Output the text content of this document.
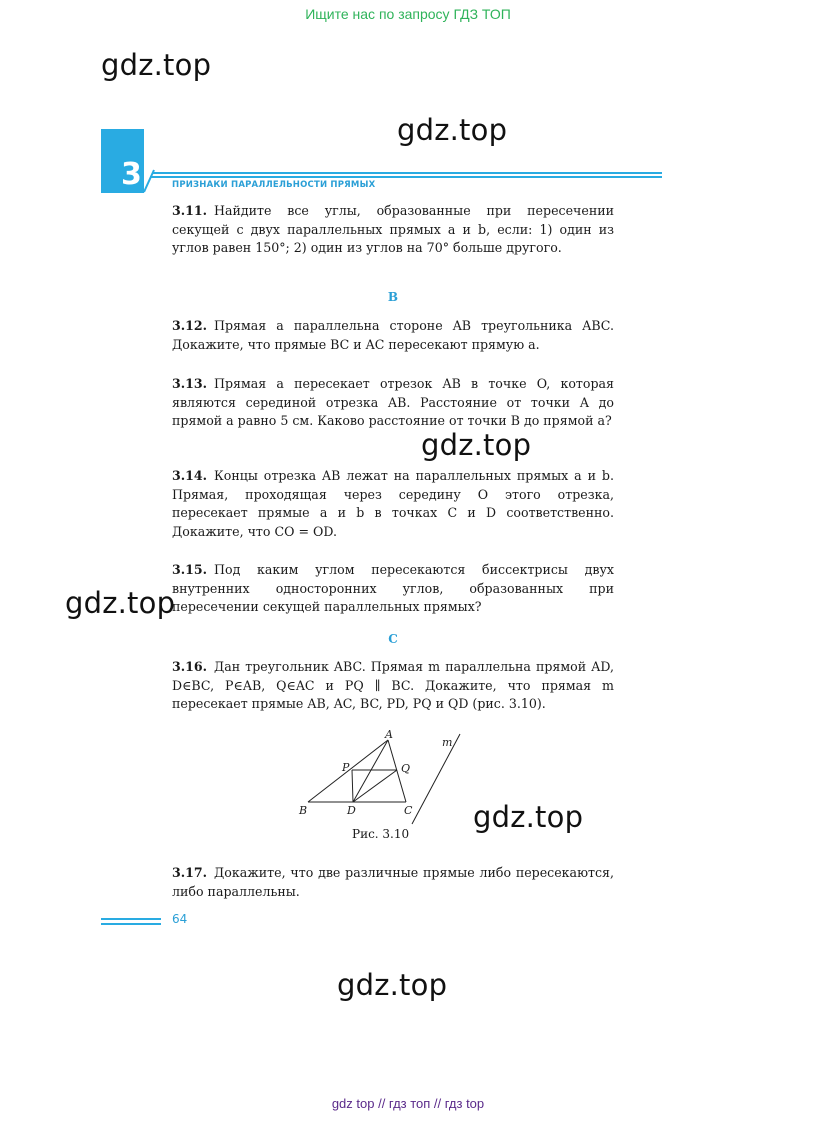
Ищите нас по запросу ГДЗ ТОП
gdz.top
gdz.top
gdz.top
gdz.top
gdz.top
gdz.top
3	ПРИЗНАКИ ПАРАЛЛЕЛЬНОСТИ ПРЯМЫХ
3.11. Найдите все углы, образованные при пересечении секущей c двух параллельных прямых a и b, если: 1) один из углов равен 150°; 2) один из углов на 70° больше другого.
B
3.12. Прямая a параллельна стороне AB треугольника ABC. Докажите, что прямые BC и AC пересекают прямую a.
3.13. Прямая a пересекает отрезок AB в точке O, которая являются серединой отрезка AB. Расстояние от точки A до прямой a равно 5 см. Каково расстояние от точки B до прямой a?
3.14. Концы отрезка AB лежат на параллельных прямых a и b. Прямая, проходящая через середину O этого отрезка, пересекает прямые a и b в точках C и D соответственно. Докажите, что CO = OD.
3.15. Под каким углом пересекаются биссектрисы двух внутренних односторонних углов, образованных при пересечении секущей параллельных прямых?
C
3.16. Дан треугольник ABC. Прямая m параллельна прямой AD, D∈BC, P∈AB, Q∈AC и PQ ∥ BC. Докажите, что прямая m пересекает прямые AB, AC, BC, PD, PQ и QD (рис. 3.10).
A
B	C
D
P	Q
m
Рис. 3.10
3.17. Докажите, что две различные прямые либо пересекаются, либо параллельны.
64
gdz top // гдз топ // гдз top
